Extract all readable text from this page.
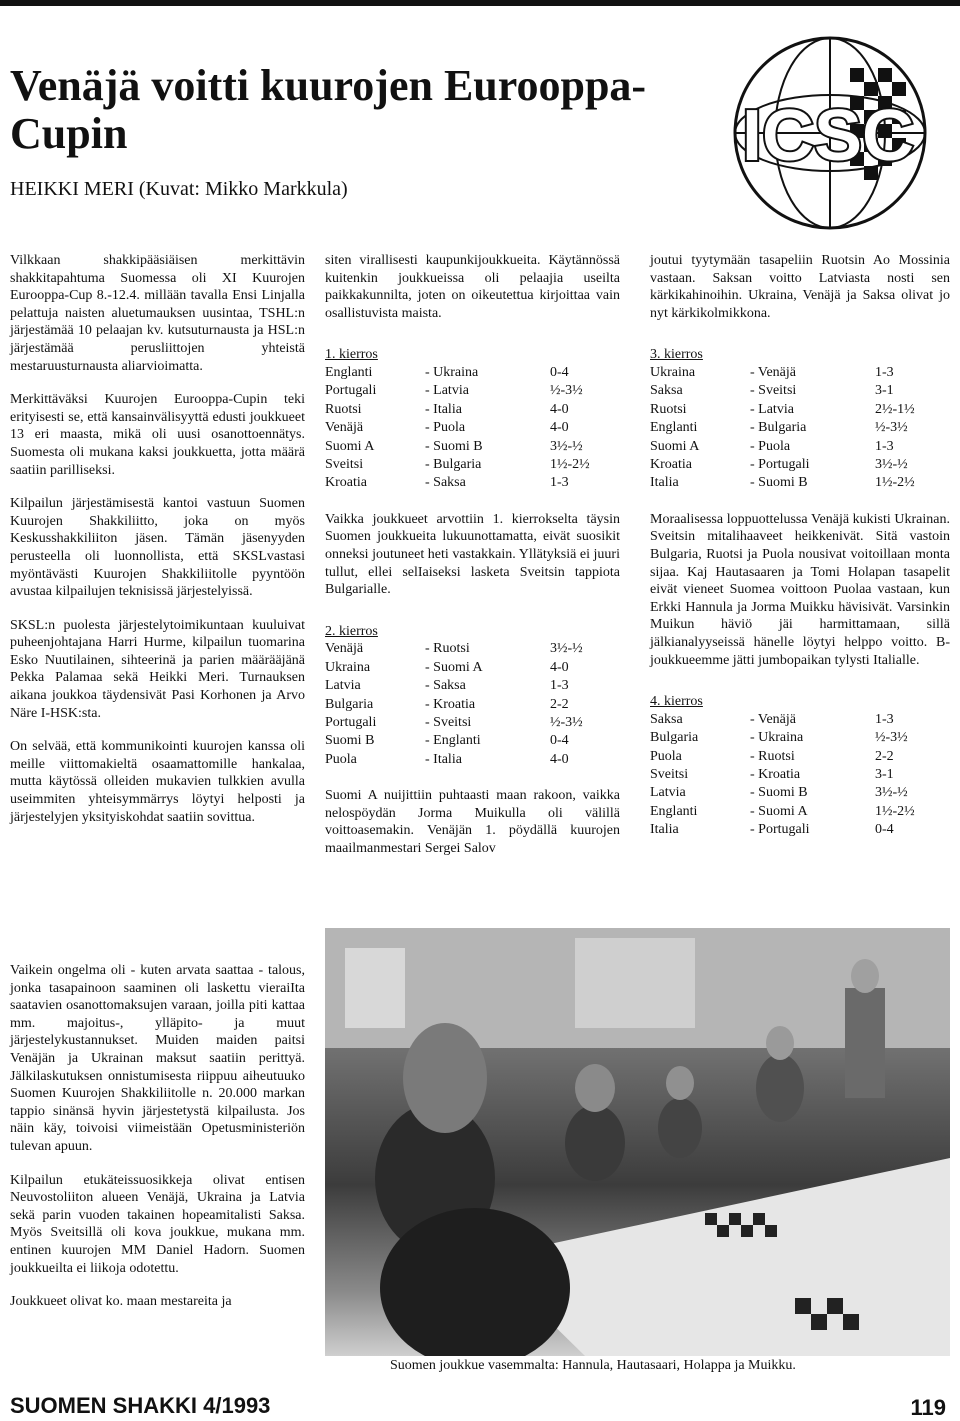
Venäjä voitti kuurojen Eurooppa-Cupin
HEIKKI MERI (Kuvat: Mikko Markkula)
ICSC

Vilkkaan shakkipääsiäisen merkittävin shakkitapahtuma Suomessa oli XI Kuurojen Eurooppa-Cup 8.-12.4. millään tavalla Ensi Linjalla pelattuja naisten aluetumauksen uusintaa, TSHL:n järjestämää 10 pelaajan kv. kutsuturnausta ja HSL:n järjestämää perusliittojen yhteistä mestaruusturnausta aliarvioimatta.

Merkittäväksi Kuurojen Eurooppa-Cupin teki erityisesti se, että kansainvälisyyttä edusti joukkueet 13 eri maasta, mikä oli uusi osanottoennätys. Suomesta oli mukana kaksi joukkuetta, jotta määrä saatiin parilliseksi.

Kilpailun järjestämisestä kantoi vastuun Suomen Kuurojen Shakkiliitto, joka on myös Keskusshakkiliiton jäsen. Tämän jäsenyyden perusteella oli luonnollista, että SKSLvastasi myöntävästi Kuurojen Shakkiliitolle pyyntöön avustaa kilpailujen teknisissä järjestelyissä.

SKSL:n puolesta järjestelytoimikuntaan kuuluivat puheenjohtajana Harri Hurme, kilpailun tuomarina Esko Nuutilainen, sihteerinä ja parien määrääjänä Pekka Palamaa sekä Heikki Meri. Turnauksen aikana joukkoa täydensivät Pasi Korhonen ja Arvo Näre I-HSK:sta.

On selvää, että kommunikointi kuurojen kanssa oli meille viittomakieltä osaamattomille hankalaa, mutta käytössä olleiden mukavien tulkkien avulla useimmiten yhteisymmärrys löytyi helposti ja järjestelyjen yksityiskohdat saatiin sovittua.

Vaikein ongelma oli - kuten arvata saattaa - talous, jonka tasapainoon saaminen oli laskettu vieraiIta saatavien osanottomaksujen varaan, joilla piti kattaa mm. majoitus-, ylläpito- ja muut järjestelykustannukset. Muiden maiden paitsi Venäjän ja Ukrainan maksut saatiin perittyä. Jälkilaskutuksen onnistumisesta riippuu aiheutuuko Suomen Kuurojen Shakkiliitolle n. 20.000 markan tappio sinänsä hyvin järjestetystä kilpailusta. Jos näin käy, toivoisi viimeistään Opetusministeriön tulevan apuun.

Kilpailun etukäteissuosikkeja olivat entisen Neuvostoliiton alueen Venäjä, Ukraina ja Latvia sekä parin vuoden takainen hopeamitalisti Saksa. Myös Sveitsillä oli kova joukkue, mukana mm. entinen kuurojen MM Daniel Hadorn. Suomen joukkueilta ei liikoja odotettu.

Joukkueet olivat ko. maan mestareita ja

siten virallisesti kaupunkijoukkueita. Käytännössä kuitenkin joukkueissa oli pelaajia useilta paikkakunnilta, joten on oikeutettua kirjoittaa vain osallistuvista maista.

1. kierros
Englanti	- Ukraina	0-4
Portugali	- Latvia	½-3½
Ruotsi	- Italia	4-0
Venäjä	- Puola	4-0
Suomi A	- Suomi B	3½-½
Sveitsi	- Bulgaria	1½-2½
Kroatia	- Saksa	1-3

Vaikka joukkueet arvottiin 1. kierrokselta täysin Suomen joukkueita lukuunottamatta, eivät suosikit onneksi joutuneet heti vastakkain. Yllätyksiä ei juuri tullut, ellei selIaiseksi lasketa Sveitsin tappiota Bulgarialle.

2. kierros
Venäjä	- Ruotsi	3½-½
Ukraina	- Suomi A	4-0
Latvia	- Saksa	1-3
Bulgaria	- Kroatia	2-2
Portugali	- Sveitsi	½-3½
Suomi B	- Englanti	0-4
Puola	- Italia	4-0

Suomi A nuijittiin puhtaasti maan rakoon, vaikka nelospöydän Jorma Muikulla oli välillä voittoasemakin. Venäjän 1. pöydällä kuurojen maailmanmestari Sergei Salov

joutui tyytymään tasapeliin Ruotsin Ao Mossinia vastaan. Saksan voitto Latviasta nosti sen kärkikahinoihin. Ukraina, Venäjä ja Saksa olivat jo nyt kärkikolmikkona.

3. kierros
Ukraina	- Venäjä	1-3
Saksa	- Sveitsi	3-1
Ruotsi	- Latvia	2½-1½
Englanti	- Bulgaria	½-3½
Suomi A	- Puola	1-3
Kroatia	- Portugali	3½-½
Italia	- Suomi B	1½-2½

Moraalisessa loppuottelussa Venäjä kukisti Ukrainan. Sveitsin mitalihaaveet heikkenivät. Sitä vastoin Bulgaria, Ruotsi ja Puola nousivat voitoillaan monta sijaa. Kaj Hautasaaren ja Tomi Holapan tasapelit eivät vieneet Suomea voittoon Puolaa vastaan, kun Erkki Hannula ja Jorma Muikku hävisivät. Varsinkin Muikun häviö jäi harmittamaan, sillä jälkianalyyseissä hänelle löytyi helppo voitto. B-joukkueemme jätti jumbopaikan tylysti Italialle.

4. kierros
Saksa	- Venäjä	1-3
Bulgaria	- Ukraina	½-3½
Puola	- Ruotsi	2-2
Sveitsi	- Kroatia	3-1
Latvia	- Suomi B	3½-½
Englanti	- Suomi A	1½-2½
Italia	- Portugali	0-4
Suomen joukkue vasemmalta: Hannula, Hautasaari, Holappa ja Muikku.
SUOMEN SHAKKI 4/1993	119
